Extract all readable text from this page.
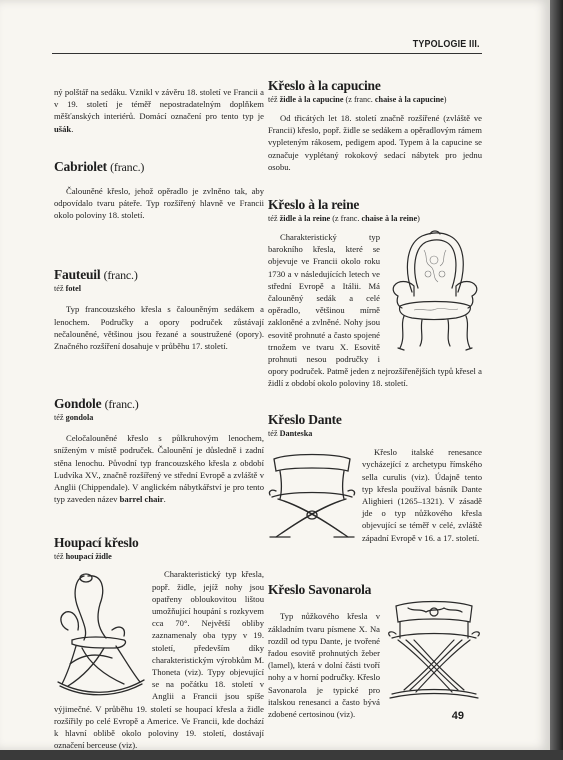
TYPOLOGIE III.

ný polštář na sedáku. Vznikl v závěru 18. století ve Francii a v 19. století je téměř nepostradatelným doplňkem měšťanských interiérů. Domácí označení pro tento typ je ušák.

Cabriolet (franc.)

Čalouněné křeslo, jehož opěradlo je zvlněno tak, aby odpovídalo tvaru páteře. Typ rozšířený hlavně ve Francii okolo poloviny 18. století.

Fauteuil (franc.)
též fotel

Typ francouzského křesla s čalouněným sedákem a lenochem. Područky a opory područek zůstávají nečalouněné, většinou jsou řezané a soustružené (opory). Značného rozšíření dosahuje v průběhu 17. století.

Gondole (franc.)
též gondola

Celočalouněné křeslo s půlkruhovým lenochem, sníženým v místě područek. Čalounění je důsledně i zadní stěna lenochu. Původní typ francouzského křesla z období Ludvíka XV., značně rozšířený ve střední Evropě a zvláště v Anglii (Chippendale). V anglickém nábytkářství je pro tento typ zaveden název barrel chair.

Houpací křeslo
též houpací židle

Charakteristický typ křesla, popř. židle, jejíž nohy jsou opatřeny obloukovitou lištou umožňující houpání s rozkyvem cca 70°. Největší obliby zaznamenaly oba typy v 19. století, především díky charakteristickým výrobkům M. Thoneta (viz). Typy objevující se na počátku 18. století v Anglii a Francii jsou spíše výjimečné. V průběhu 19. století se houpací křesla a židle rozšířily po celé Evropě a Americe. Ve Francii, kde dochází k hlavní oblibě okolo poloviny 19. století, dostávají označení berceuse (viz).

Křeslo à la capucine
též židle à la capucine (z franc. chaise à la capucine)

Od třicátých let 18. století značně rozšířené (zvláště ve Francii) křeslo, popř. židle se sedákem a opěradlovým rámem vypleteným rákosem, pedigem apod. Typem à la capucine se označuje vyplétaný rokokový sedací nábytek pro jednu osobu.

Křeslo à la reine
též židle à la reine (z franc. chaise à la reine)

Charakteristický typ barokního křesla, které se objevuje ve Francii okolo roku 1730 a v následujících letech ve střední Evropě a Itálii. Má čalouněný sedák a celé opěradlo, většinou mírně zakloněné a zvlněné. Nohy jsou esovitě prohnuté a často spojené trnožem ve tvaru X. Esovitě prohnuti nesou područky i opory područek. Patmě jeden z nejrozšířenějších typů křesel a židlí z období okolo poloviny 18. století.

Křeslo Dante
též Danteska

Křeslo italské renesance vycházející z archetypu římského sella curulis (viz). Údajně tento typ křesla používal básník Dante Alighieri (1265–1321). V zásadě jde o typ nůžkového křesla objevující se téměř v celé, zvláště západní Evropě v 16. a 17. století.

Křeslo Savonarola

Typ nůžkového křesla v základním tvaru písmene X. Na rozdíl od typu Dante, je tvořené řadou esovitě prohnutých žeber (lamel), která v dolní části tvoří nohy a v horní područky. Křeslo Savonarola je typické pro italskou renesanci a často bývá zdobené certosinou (viz).	49
